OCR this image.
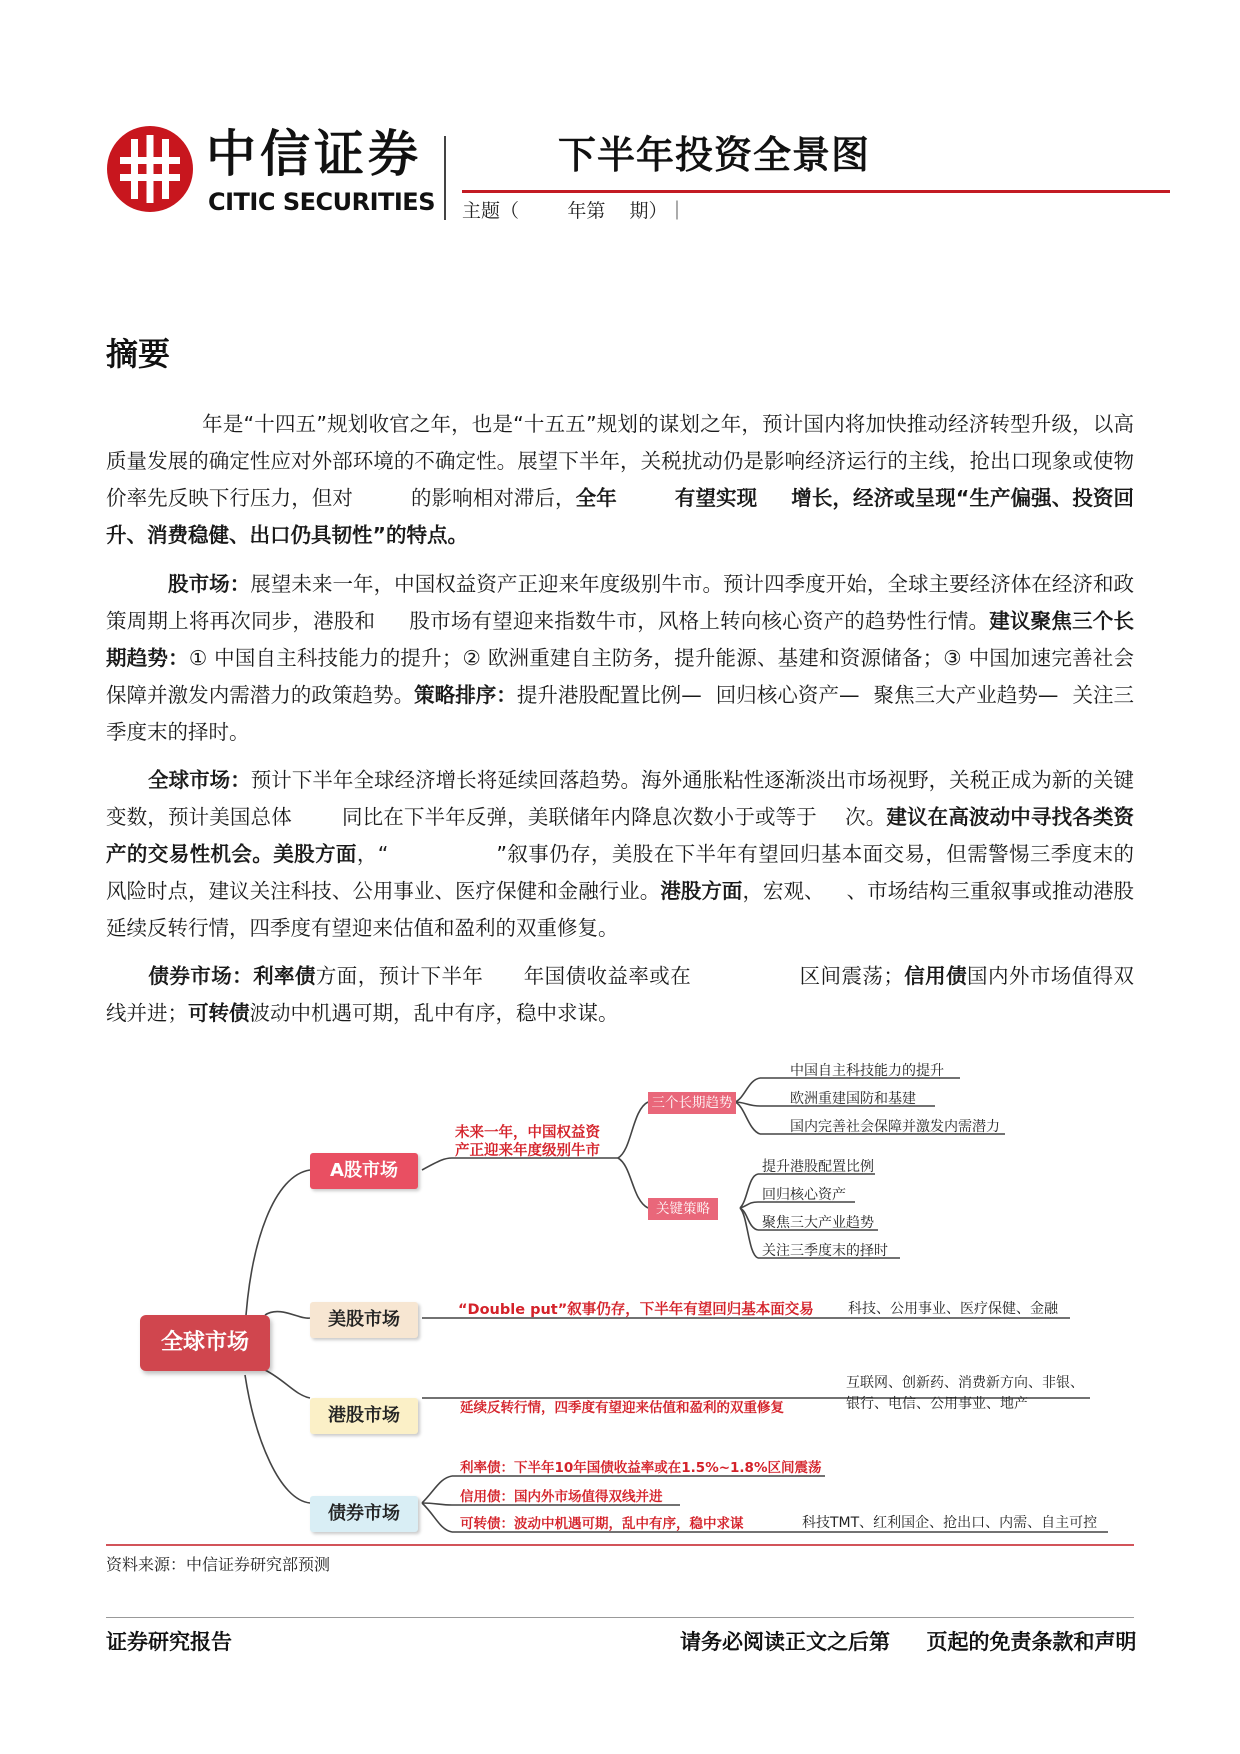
中信证券
CITIC SECURITIES
下半年投资全景图
主题（        年第    期）｜
摘要
年是“十四五”规划收官之年，也是“十五五”规划的谋划之年，预计国内将加快推动经济转型升级，以高质量发展的确定性应对外部环境的不确定性。展望下半年，关税扰动仍是影响经济运行的主线，抢出口现象或使物价率先反映下行压力，但对	的影响相对滞后，全年	有望实现 增长，经济或呈现“生产偏强、投资回升、消费稳健、出口仍具韧性”的特点。
股市场：展望未来一年，中国权益资产正迎来年度级别牛市。预计四季度开始，全球主要经济体在经济和政策周期上将再次同步，港股和 股市场有望迎来指数牛市，风格上转向核心资产的趋势性行情。建议聚焦三个长期趋势：① 中国自主科技能力的提升；② 欧洲重建自主防务，提升能源、基建和资源储备；③ 中国加速完善社会保障并激发内需潜力的政策趋势。策略排序：提升港股配置比例— 回归核心资产— 聚焦三大产业趋势— 关注三季度末的择时。
全球市场：预计下半年全球经济增长将延续回落趋势。海外通胀粘性逐渐淡出市场视野，关税正成为新的关键变数，预计美国总体 同比在下半年反弹，美联储年内降息次数小于或等于 次。建议在高波动中寻找各类资产的交易性机会。美股方面，“	”叙事仍存，美股在下半年有望回归基本面交易，但需警惕三季度末的风险时点，建议关注科技、公用事业、医疗保健和金融行业。港股方面，宏观、 、市场结构三重叙事或推动港股延续反转行情，四季度有望迎来估值和盈利的双重修复。
债券市场：利率债方面，预计下半年 年国债收益率或在	区间震荡；信用债国内外市场值得双线并进；可转债波动中机遇可期，乱中有序，稳中求谋。
全球市场
A股市场
未来一年，中国权益资
产正迎来年度级别牛市
三个长期趋势
关键策略
中国自主科技能力的提升
欧洲重建国防和基建
国内完善社会保障并激发内需潜力
提升港股配置比例
回归核心资产
聚焦三大产业趋势
关注三季度末的择时
美股市场	“Double put”叙事仍存，下半年有望回归基本面交易 科技、公用事业、医疗保健、金融
港股市场	延续反转行情，四季度有望迎来估值和盈利的双重修复
互联网、创新药、消费新方向、非银、
银行、电信、公用事业、地产
债券市场
利率债：下半年10年国债收益率或在1.5%~1.8%区间震荡
信用债：国内外市场值得双线并进
可转债：波动中机遇可期，乱中有序，稳中求谋	科技TMT、红利国企、抢出口、内需、自主可控
资料来源：中信证券研究部预测
证券研究报告	请务必阅读正文之后第     页起的免责条款和声明
